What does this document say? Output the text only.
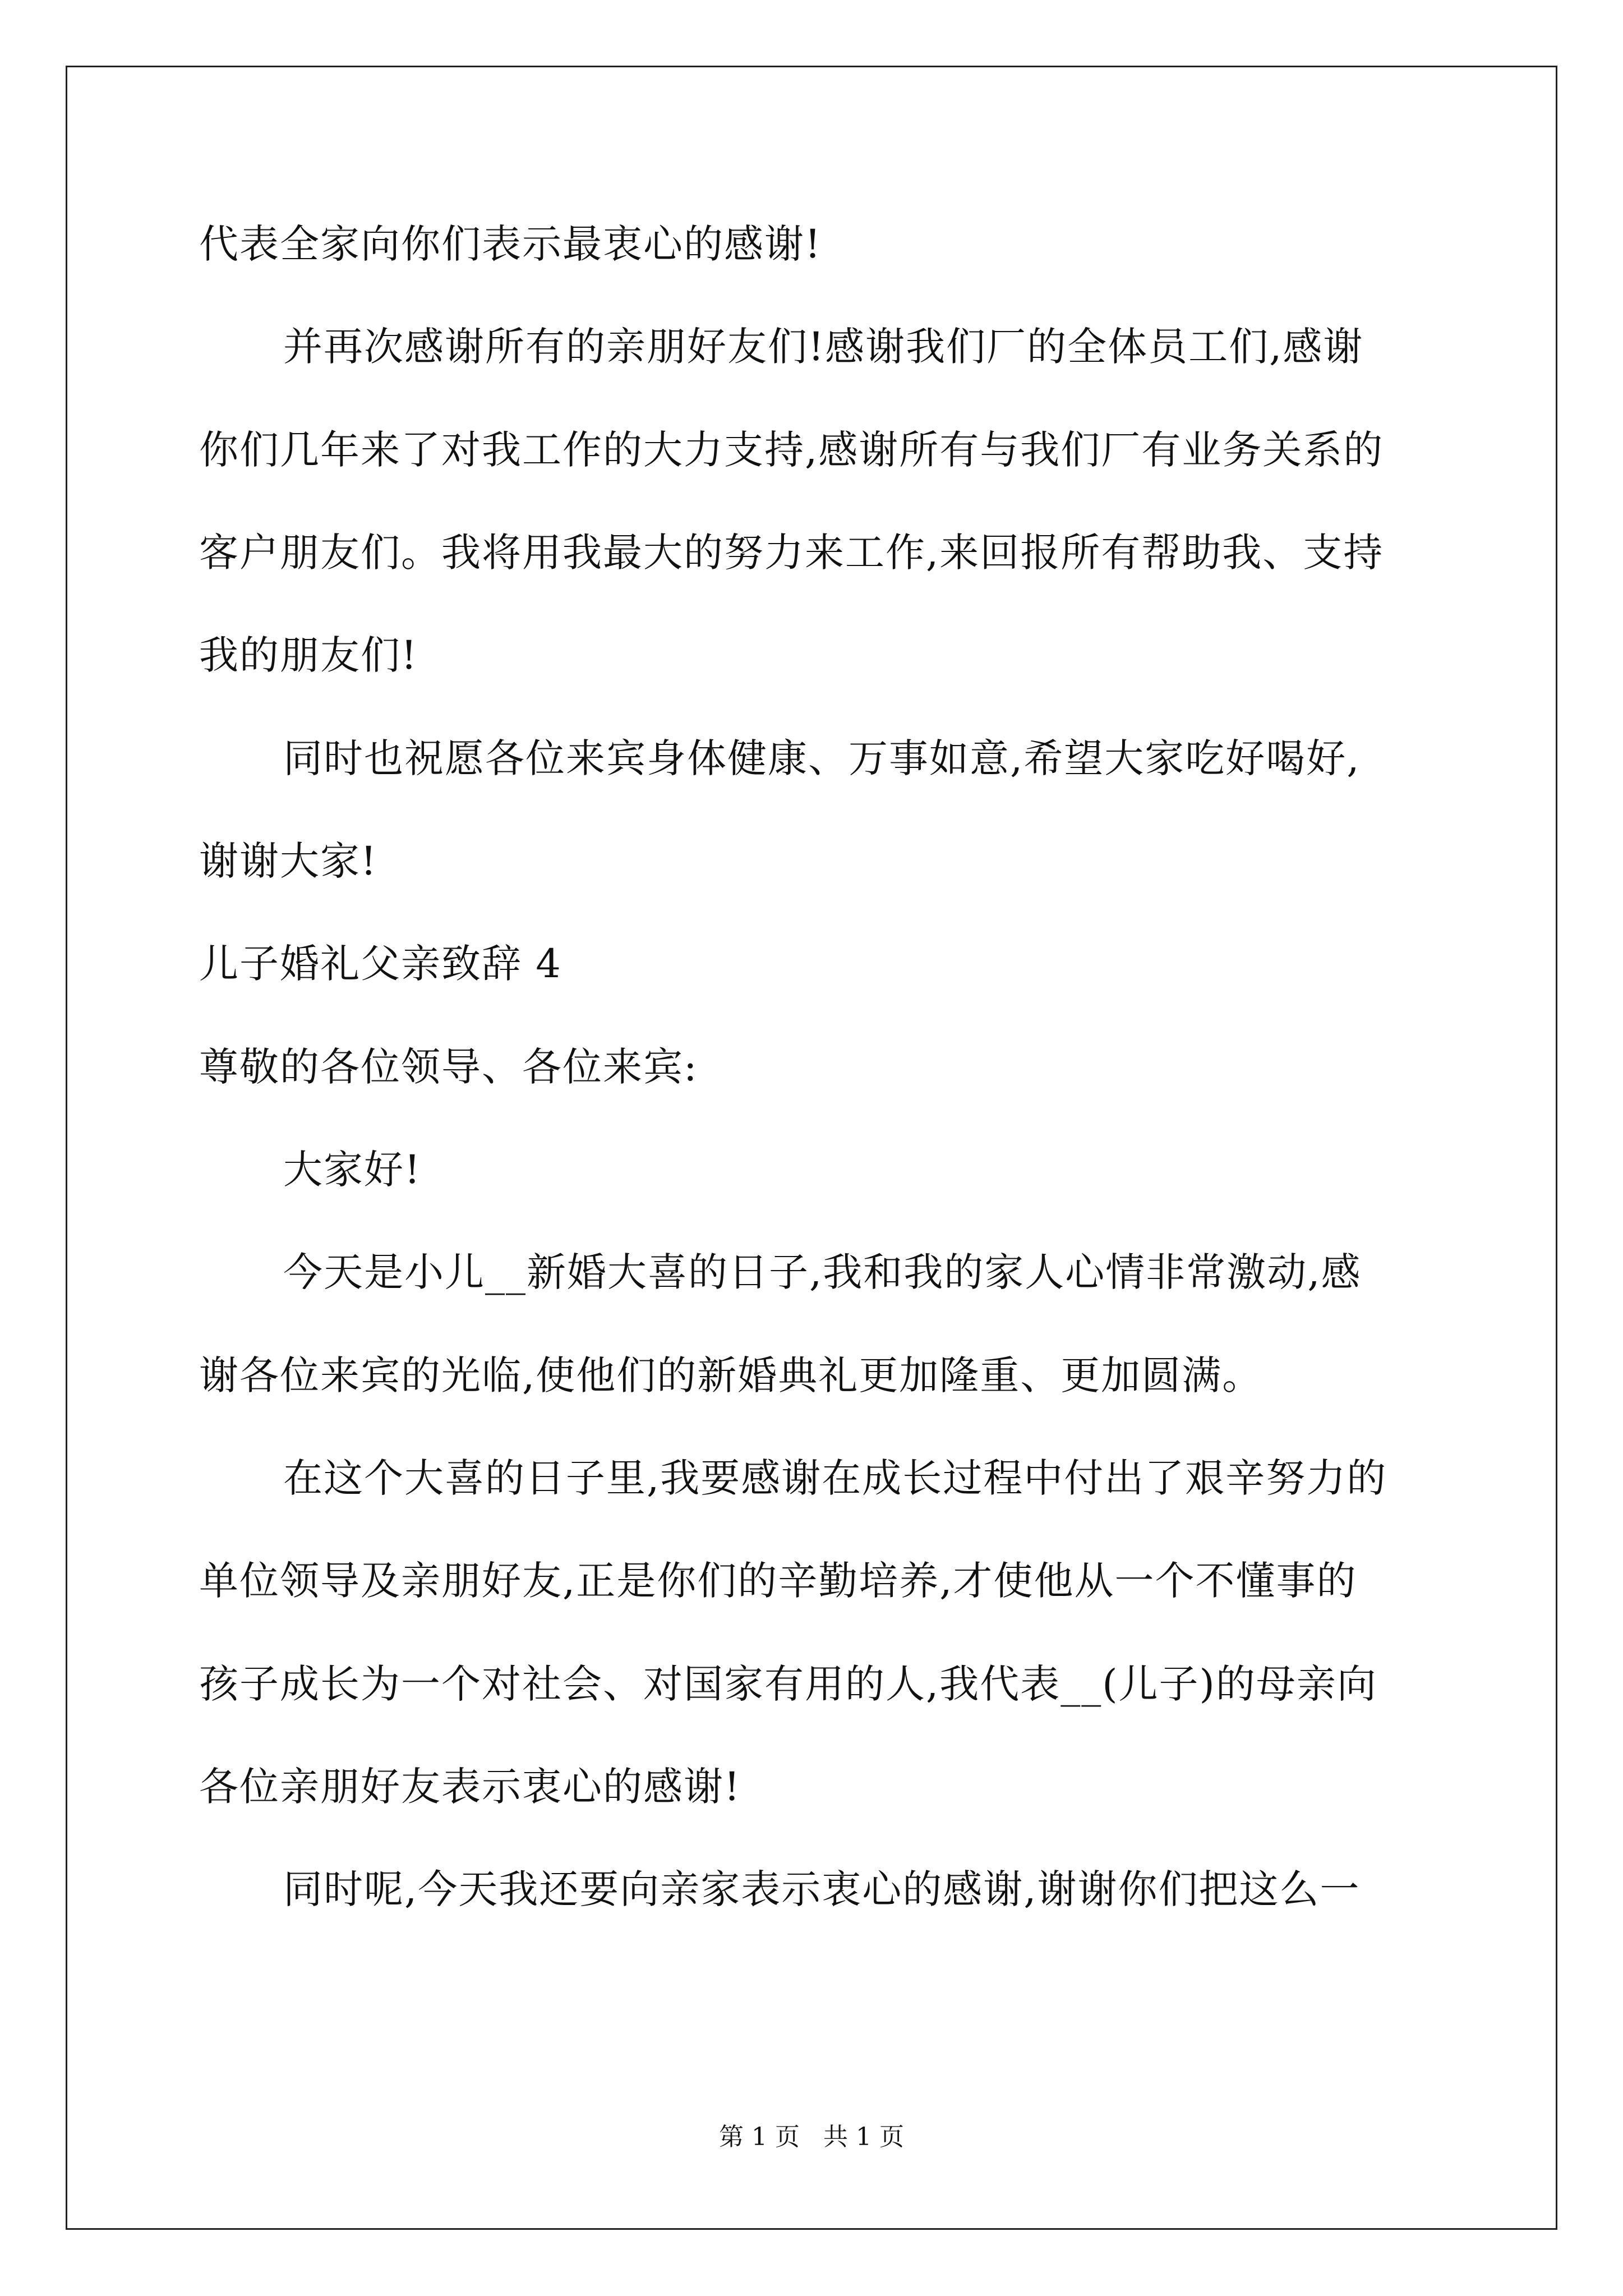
代表全家向你们表示最衷心的感谢!
并再次感谢所有的亲朋好友们!感谢我们厂的全体员工们,感谢
你们几年来了对我工作的大力支持,感谢所有与我们厂有业务关系的
客户朋友们。我将用我最大的努力来工作,来回报所有帮助我、支持
我的朋友们!
同时也祝愿各位来宾身体健康、万事如意,希望大家吃好喝好,
谢谢大家!
儿子婚礼父亲致辞 4
尊敬的各位领导、各位来宾:
大家好!
今天是小儿__新婚大喜的日子,我和我的家人心情非常激动,感
谢各位来宾的光临,使他们的新婚典礼更加隆重、更加圆满。
在这个大喜的日子里,我要感谢在成长过程中付出了艰辛努力的
单位领导及亲朋好友,正是你们的辛勤培养,才使他从一个不懂事的
孩子成长为一个对社会、对国家有用的人,我代表__(儿子)的母亲向
各位亲朋好友表示衷心的感谢!
同时呢,今天我还要向亲家表示衷心的感谢,谢谢你们把这么一
第 1 页   共 1 页
